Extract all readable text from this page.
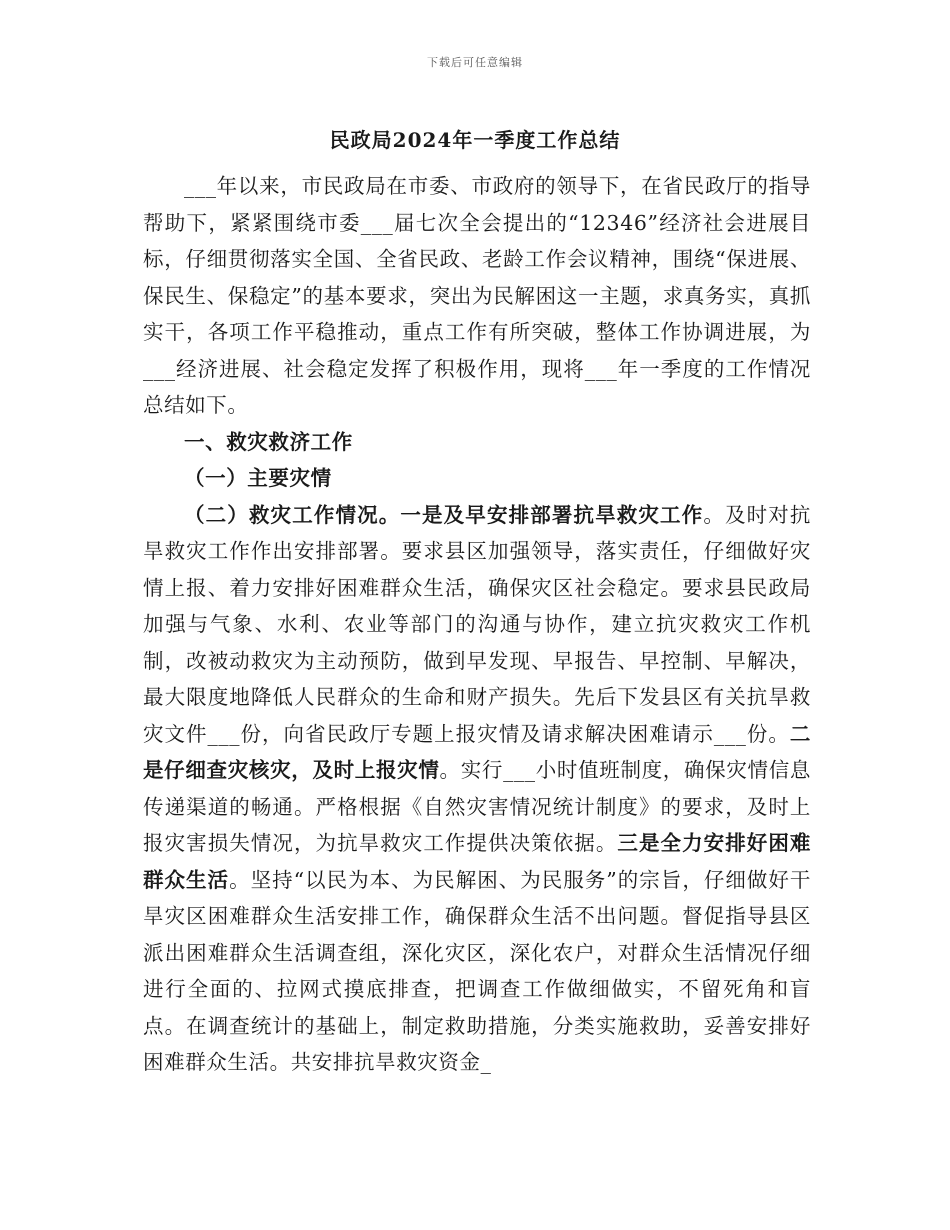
下载后可任意编辑
民政局2024年一季度工作总结

___年以来，市民政局在市委、市政府的领导下，在省民政厅的指导帮助下，紧紧围绕市委___届七次全会提出的“12346”经济社会进展目标，仔细贯彻落实全国、全省民政、老龄工作会议精神，围绕“保进展、保民生、保稳定”的基本要求，突出为民解困这一主题，求真务实，真抓实干，各项工作平稳推动，重点工作有所突破，整体工作协调进展，为___经济进展、社会稳定发挥了积极作用，现将___年一季度的工作情况总结如下。

一、救灾救济工作

（一）主要灾情

（二）救灾工作情况。一是及早安排部署抗旱救灾工作。及时对抗旱救灾工作作出安排部署。要求县区加强领导，落实责任，仔细做好灾情上报、着力安排好困难群众生活，确保灾区社会稳定。要求县民政局加强与气象、水利、农业等部门的沟通与协作，建立抗灾救灾工作机制，改被动救灾为主动预防，做到早发现、早报告、早控制、早解决，最大限度地降低人民群众的生命和财产损失。先后下发县区有关抗旱救灾文件___份，向省民政厅专题上报灾情及请求解决困难请示___份。二是仔细查灾核灾，及时上报灾情。实行___小时值班制度，确保灾情信息传递渠道的畅通。严格根据《自然灾害情况统计制度》的要求，及时上报灾害损失情况，为抗旱救灾工作提供决策依据。三是全力安排好困难群众生活。坚持“以民为本、为民解困、为民服务”的宗旨，仔细做好干旱灾区困难群众生活安排工作，确保群众生活不出问题。督促指导县区派出困难群众生活调查组，深化灾区，深化农户，对群众生活情况仔细进行全面的、拉网式摸底排查，把调查工作做细做实，不留死角和盲点。在调查统计的基础上，制定救助措施，分类实施救助，妥善安排好困难群众生活。共安排抗旱救灾资金_
